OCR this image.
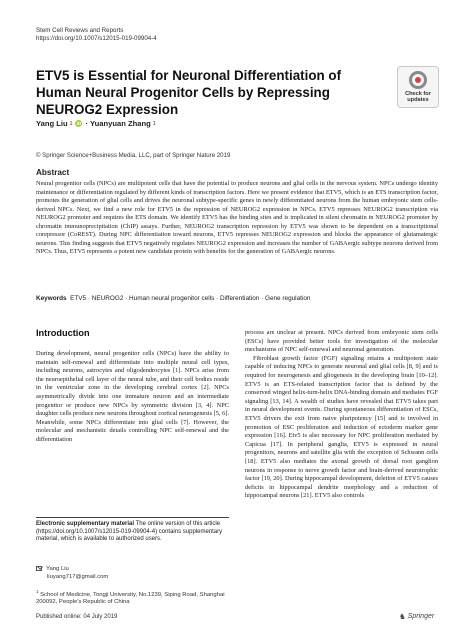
Stem Cell Reviews and Reports
https://doi.org/10.1007/s12015-019-09904-4
ETV5 is Essential for Neuronal Differentiation of Human Neural Progenitor Cells by Repressing NEUROG2 Expression
Check for
updates
Yang Liu 1 iD · Yuanyuan Zhang 1
© Springer Science+Business Media, LLC, part of Springer Nature 2019
Abstract
Neural progenitor cells (NPCs) are multipotent cells that have the potential to produce neurons and glial cells in the nervous system. NPCs undergo identity maintenance or differentiation regulated by different kinds of transcription factors. Here we present evidence that ETV5, which is an ETS transcription factor, promotes the generation of glial cells and drives the neuronal subtype-specific genes in newly differentiated neurons from the human embryonic stem cells-derived NPCs. Next, we find a new role for ETV5 in the repression of NEUROG2 expression in NPCs. ETV5 represses NEUROG2 transcription via NEUROG2 promoter and requires the ETS domain. We identify ETV5 has the binding sites and is implicated in silent chromatin in NEUROG2 promoter by chromatin immunoprecipitation (ChIP) assays. Further, NEUROG2 transcription repression by ETV5 was shown to be dependent on a transcriptional corepressor (CoREST). During NPC differentiation toward neurons, ETV5 represses NEUROG2 expression and blocks the appearance of glutamatergic neurons. This finding suggests that ETV5 negatively regulates NEUROG2 expression and increases the number of GABAergic subtype neurons derived from NPCs. Thus, ETV5 represents a potent new candidate protein with benefits for the generation of GABAergic neurons.
Keywords ETV5 · NEUROG2 · Human neural progenitor cells · Differentiation · Gene regulation
Introduction

During development, neural progenitor cells (NPCs) have the ability to maintain self-renewal and differentiate into multiple neural cell types, including neurons, astrocytes and oligodendrocytes [1]. NPCs arise from the neuroepithelial cell layer of the neural tube, and their cell bodies reside in the ventricular zone in the developing cerebral cortex [2]. NPCs asymmetrically divide into one immature neuron and an intermediate progenitor or produce new NPCs by symmetric division [3, 4]. NPC daughter cells produce new neurons throughout cortical neurogenesis [5, 6]. Meanwhile, some NPCs differentiate into glial cells [7]. However, the molecular and mechanistic details controlling NPC self-renewal and the differentiation

process are unclear at present. NPCs derived from embryonic stem cells (ESCs) have provided better tools for investigation of the molecular mechanisms of NPC self-renewal and neuronal generation.

Fibroblast growth factor (FGF) signaling retains a multipotent state capable of inducing NPCs to generate neuronal and glial cells [8, 9] and is required for neurogenesis and gliogenesis in the developing brain [10–12]. ETV5 is an ETS-related transcription factor that is defined by the conserved winged helix-turn-helix DNA-binding domain and mediates FGF signaling [13, 14]. A wealth of studies have revealed that ETV5 takes part in neural development events. During spontaneous differentiation of ESCs, ETV5 drivers the exit from naive pluripotency [15] and is involved in promotion of ESC proliferation and induction of ectoderm marker gene expression [16]. Etv5 is also necessary for NPC proliferation mediated by Capicua [17]. In peripheral ganglia, ETV5 is expressed in neural progenitors, neurons and satellite glia with the exception of Schwann cells [18]. ETV5 also mediates the axonal growth of dorsal root ganglion neurons in response to nerve growth factor and brain-derived neurotrophic factor [19, 20]. During hippocampal development, deletion of ETV5 causes deficits in hippocampal dendrite morphology and a reduction of hippocampal neurons [21]. ETV5 also controls

Electronic supplementary material The online version of this article (https://doi.org/10.1007/s12015-019-09904-4) contains supplementary material, which is available to authorized users.
Yang Liu
liuyang717@gmail.com
$^1$ School of Medicine, Tongji University, No.1239, Siping Road, Shanghai 200092, People's Republic of China
Published online: 04 July 2019	♞ Springer
